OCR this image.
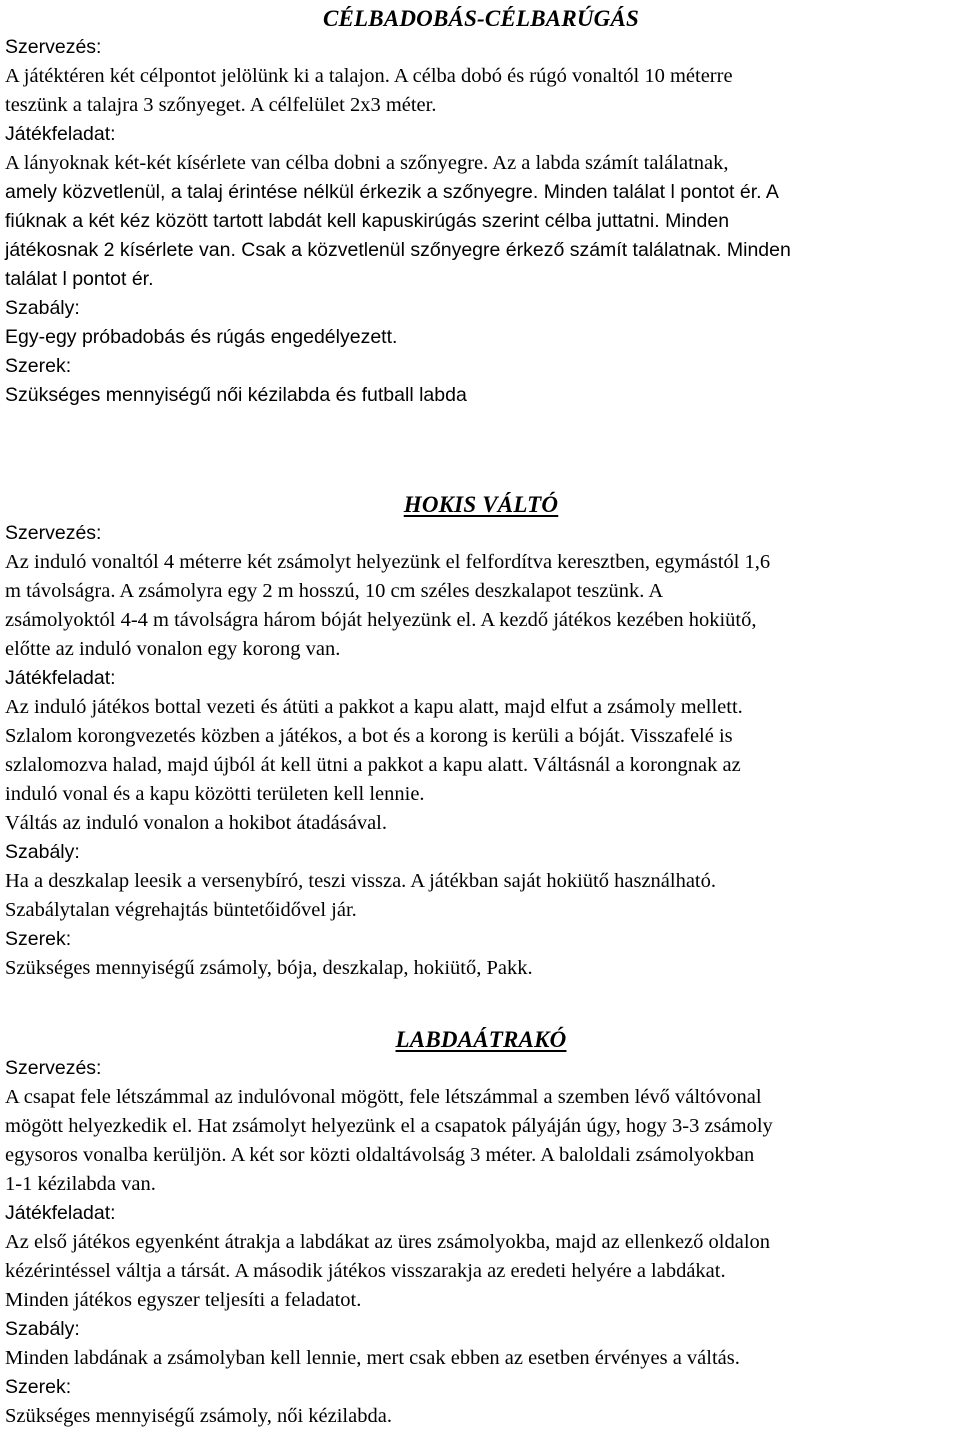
CÉLBADOBÁS-CÉLBARÚGÁS

Szervezés:

A játéktéren két célpontot jelölünk ki a talajon. A célba dobó és rúgó vonaltól 10 méterre
teszünk a talajra 3 szőnyeget. A célfelület 2x3 méter.

Játékfeladat:

A lányoknak két-két kísérlete van célba dobni a szőnyegre. Az a labda számít találatnak,
amely közvetlenül, a talaj érintése nélkül érkezik a szőnyegre. Minden találat l pontot ér. A
fiúknak a két kéz között tartott labdát kell kapuskirúgás szerint célba juttatni. Minden
játékosnak 2 kísérlete van. Csak a közvetlenül szőnyegre érkező számít találatnak. Minden
találat l pontot ér.

Szabály:

Egy-egy próbadobás és rúgás engedélyezett.

Szerek:

Szükséges mennyiségű női kézilabda és futball labda

HOKIS VÁLTÓ

Szervezés:

Az induló vonaltól 4 méterre két zsámolyt helyezünk el felfordítva keresztben, egymástól 1,6
m távolságra. A zsámolyra egy 2 m hosszú, 10 cm széles deszkalapot teszünk. A
zsámolyoktól 4-4 m távolságra három bóját helyezünk el. A kezdő játékos kezében hokiütő,
előtte az induló vonalon egy korong van.

Játékfeladat:

Az induló játékos bottal vezeti és átüti a pakkot a kapu alatt, majd elfut a zsámoly mellett.
Szlalom korongvezetés közben a játékos, a bot és a korong is kerüli a bóját. Visszafelé is
szlalomozva halad, majd újból át kell ütni a pakkot a kapu alatt. Váltásnál a korongnak az
induló vonal és a kapu közötti területen kell lennie.
Váltás az induló vonalon a hokibot átadásával.

Szabály:

Ha a deszkalap leesik a versenybíró, teszi vissza. A játékban saját hokiütő használható.
Szabálytalan végrehajtás büntetőidővel jár.

Szerek:

Szükséges mennyiségű zsámoly, bója, deszkalap, hokiütő, Pakk.

LABDAÁTRAKÓ

Szervezés:

A csapat fele létszámmal az indulóvonal mögött, fele létszámmal a szemben lévő váltóvonal
mögött helyezkedik el. Hat zsámolyt helyezünk el a csapatok pályáján úgy, hogy 3-3 zsámoly
egysoros vonalba kerüljön. A két sor közti oldaltávolság 3 méter. A baloldali zsámolyokban
1-1 kézilabda van.

Játékfeladat:

Az első játékos egyenként átrakja a labdákat az üres zsámolyokba, majd az ellenkező oldalon
kézérintéssel váltja a társát. A második játékos visszarakja az eredeti helyére a labdákat.
Minden játékos egyszer teljesíti a feladatot.

Szabály:

Minden labdának a zsámolyban kell lennie, mert csak ebben az esetben érvényes a váltás.

Szerek:

Szükséges mennyiségű zsámoly, női kézilabda.
